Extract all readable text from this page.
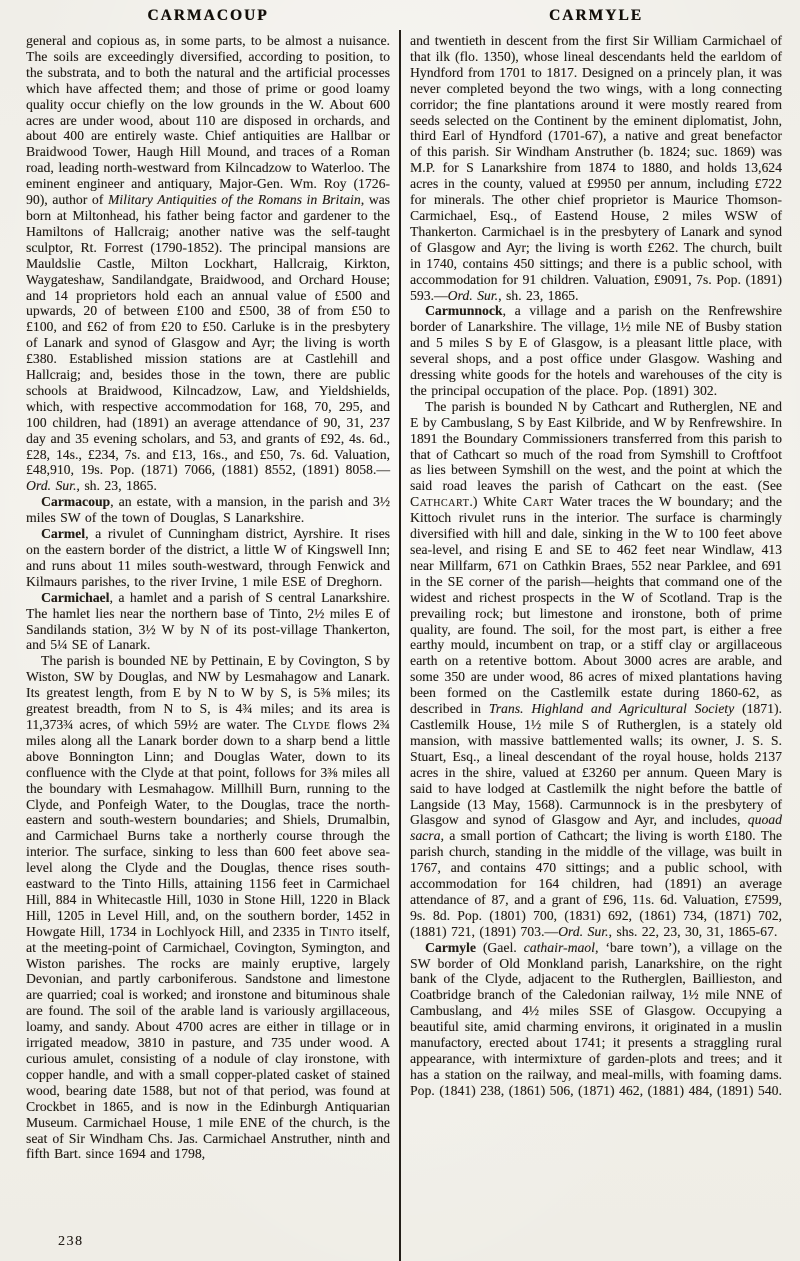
CARMACOUP	CARMYLE

general and copious as, in some parts, to be almost a nuisance. The soils are exceedingly diversified, according to position, to the substrata, and to both the natural and the artificial processes which have affected them; and those of prime or good loamy quality occur chiefly on the low grounds in the W. About 600 acres are under wood, about 110 are disposed in orchards, and about 400 are entirely waste. Chief antiquities are Hallbar or Braidwood Tower, Haugh Hill Mound, and traces of a Roman road, leading north-westward from Kilncadzow to Waterloo. The eminent engineer and antiquary, Major-Gen. Wm. Roy (1726-90), author of Military Antiquities of the Romans in Britain, was born at Miltonhead, his father being factor and gardener to the Hamiltons of Hallcraig; another native was the self-taught sculptor, Rt. Forrest (1790-1852). The principal mansions are Mauldslie Castle, Milton Lockhart, Hallcraig, Kirkton, Waygateshaw, Sandilandgate, Braidwood, and Orchard House; and 14 proprietors hold each an annual value of £500 and upwards, 20 of between £100 and £500, 38 of from £50 to £100, and £62 of from £20 to £50. Carluke is in the presbytery of Lanark and synod of Glasgow and Ayr; the living is worth £380. Established mission stations are at Castlehill and Hallcraig; and, besides those in the town, there are public schools at Braidwood, Kilncadzow, Law, and Yieldshields, which, with respective accommodation for 168, 70, 295, and 100 children, had (1891) an average attendance of 90, 31, 237 day and 35 evening scholars, and 53, and grants of £92, 4s. 6d., £28, 14s., £234, 7s. and £13, 16s., and £50, 7s. 6d. Valuation, £48,910, 19s. Pop. (1871) 7066, (1881) 8552, (1891) 8058.—Ord. Sur., sh. 23, 1865.

Carmacoup, an estate, with a mansion, in the parish and 3½ miles SW of the town of Douglas, S Lanarkshire.

Carmel, a rivulet of Cunningham district, Ayrshire. It rises on the eastern border of the district, a little W of Kingswell Inn; and runs about 11 miles south-westward, through Fenwick and Kilmaurs parishes, to the river Irvine, 1 mile ESE of Dreghorn.

Carmichael, a hamlet and a parish of S central Lanarkshire. The hamlet lies near the northern base of Tinto, 2½ miles E of Sandilands station, 3½ W by N of its post-village Thankerton, and 5¼ SE of Lanark.

The parish is bounded NE by Pettinain, E by Covington, S by Wiston, SW by Douglas, and NW by Lesmahagow and Lanark. Its greatest length, from E by N to W by S, is 5⅜ miles; its greatest breadth, from N to S, is 4¾ miles; and its area is 11,373¾ acres, of which 59½ are water. The Clyde flows 2¾ miles along all the Lanark border down to a sharp bend a little above Bonnington Linn; and Douglas Water, down to its confluence with the Clyde at that point, follows for 3⅜ miles all the boundary with Lesmahagow. Millhill Burn, running to the Clyde, and Ponfeigh Water, to the Douglas, trace the north-eastern and south-western boundaries; and Shiels, Drumalbin, and Carmichael Burns take a northerly course through the interior. The surface, sinking to less than 600 feet above sea-level along the Clyde and the Douglas, thence rises south-eastward to the Tinto Hills, attaining 1156 feet in Carmichael Hill, 884 in Whitecastle Hill, 1030 in Stone Hill, 1220 in Black Hill, 1205 in Level Hill, and, on the southern border, 1452 in Howgate Hill, 1734 in Lochlyock Hill, and 2335 in Tinto itself, at the meeting-point of Carmichael, Covington, Symington, and Wiston parishes. The rocks are mainly eruptive, largely Devonian, and partly carboniferous. Sandstone and limestone are quarried; coal is worked; and ironstone and bituminous shale are found. The soil of the arable land is variously argillaceous, loamy, and sandy. About 4700 acres are either in tillage or in irrigated meadow, 3810 in pasture, and 735 under wood. A curious amulet, consisting of a nodule of clay ironstone, with copper handle, and with a small copper-plated casket of stained wood, bearing date 1588, but not of that period, was found at Crockbet in 1865, and is now in the Edinburgh Antiquarian Museum. Carmichael House, 1 mile ENE of the church, is the seat of Sir Windham Chs. Jas. Carmichael Anstruther, ninth and fifth Bart. since 1694 and 1798,

and twentieth in descent from the first Sir William Carmichael of that ilk (flo. 1350), whose lineal descendants held the earldom of Hyndford from 1701 to 1817. Designed on a princely plan, it was never completed beyond the two wings, with a long connecting corridor; the fine plantations around it were mostly reared from seeds selected on the Continent by the eminent diplomatist, John, third Earl of Hyndford (1701-67), a native and great benefactor of this parish. Sir Windham Anstruther (b. 1824; suc. 1869) was M.P. for S Lanarkshire from 1874 to 1880, and holds 13,624 acres in the county, valued at £9950 per annum, including £722 for minerals. The other chief proprietor is Maurice Thomson-Carmichael, Esq., of Eastend House, 2 miles WSW of Thankerton. Carmichael is in the presbytery of Lanark and synod of Glasgow and Ayr; the living is worth £262. The church, built in 1740, contains 450 sittings; and there is a public school, with accommodation for 91 children. Valuation, £9091, 7s. Pop. (1891) 593.—Ord. Sur., sh. 23, 1865.

Carmunnock, a village and a parish on the Renfrewshire border of Lanarkshire. The village, 1½ mile NE of Busby station and 5 miles S by E of Glasgow, is a pleasant little place, with several shops, and a post office under Glasgow. Washing and dressing white goods for the hotels and warehouses of the city is the principal occupation of the place. Pop. (1891) 302.

The parish is bounded N by Cathcart and Rutherglen, NE and E by Cambuslang, S by East Kilbride, and W by Renfrewshire. In 1891 the Boundary Commissioners transferred from this parish to that of Cathcart so much of the road from Symshill to Croftfoot as lies between Symshill on the west, and the point at which the said road leaves the parish of Cathcart on the east. (See Cathcart.) White Cart Water traces the W boundary; and the Kittoch rivulet runs in the interior. The surface is charmingly diversified with hill and dale, sinking in the W to 100 feet above sea-level, and rising E and SE to 462 feet near Windlaw, 413 near Millfarm, 671 on Cathkin Braes, 552 near Parklee, and 691 in the SE corner of the parish—heights that command one of the widest and richest prospects in the W of Scotland. Trap is the prevailing rock; but limestone and ironstone, both of prime quality, are found. The soil, for the most part, is either a free earthy mould, incumbent on trap, or a stiff clay or argillaceous earth on a retentive bottom. About 3000 acres are arable, and some 350 are under wood, 86 acres of mixed plantations having been formed on the Castlemilk estate during 1860-62, as described in Trans. Highland and Agricultural Society (1871). Castlemilk House, 1½ mile S of Rutherglen, is a stately old mansion, with massive battlemented walls; its owner, J. S. S. Stuart, Esq., a lineal descendant of the royal house, holds 2137 acres in the shire, valued at £3260 per annum. Queen Mary is said to have lodged at Castlemilk the night before the battle of Langside (13 May, 1568). Carmunnock is in the presbytery of Glasgow and synod of Glasgow and Ayr, and includes, quoad sacra, a small portion of Cathcart; the living is worth £180. The parish church, standing in the middle of the village, was built in 1767, and contains 470 sittings; and a public school, with accommodation for 164 children, had (1891) an average attendance of 87, and a grant of £96, 11s. 6d. Valuation, £7599, 9s. 8d. Pop. (1801) 700, (1831) 692, (1861) 734, (1871) 702, (1881) 721, (1891) 703.—Ord. Sur., shs. 22, 23, 30, 31, 1865-67.

Carmyle (Gael. cathair-maol, ‘bare town’), a village on the SW border of Old Monkland parish, Lanarkshire, on the right bank of the Clyde, adjacent to the Rutherglen, Baillieston, and Coatbridge branch of the Caledonian railway, 1½ mile NNE of Cambuslang, and 4½ miles SSE of Glasgow. Occupying a beautiful site, amid charming environs, it originated in a muslin manufactory, erected about 1741; it presents a straggling rural appearance, with intermixture of garden-plots and trees; and it has a station on the railway, and meal-mills, with foaming dams. Pop. (1841) 238, (1861) 506, (1871) 462, (1881) 484, (1891) 540.

238
